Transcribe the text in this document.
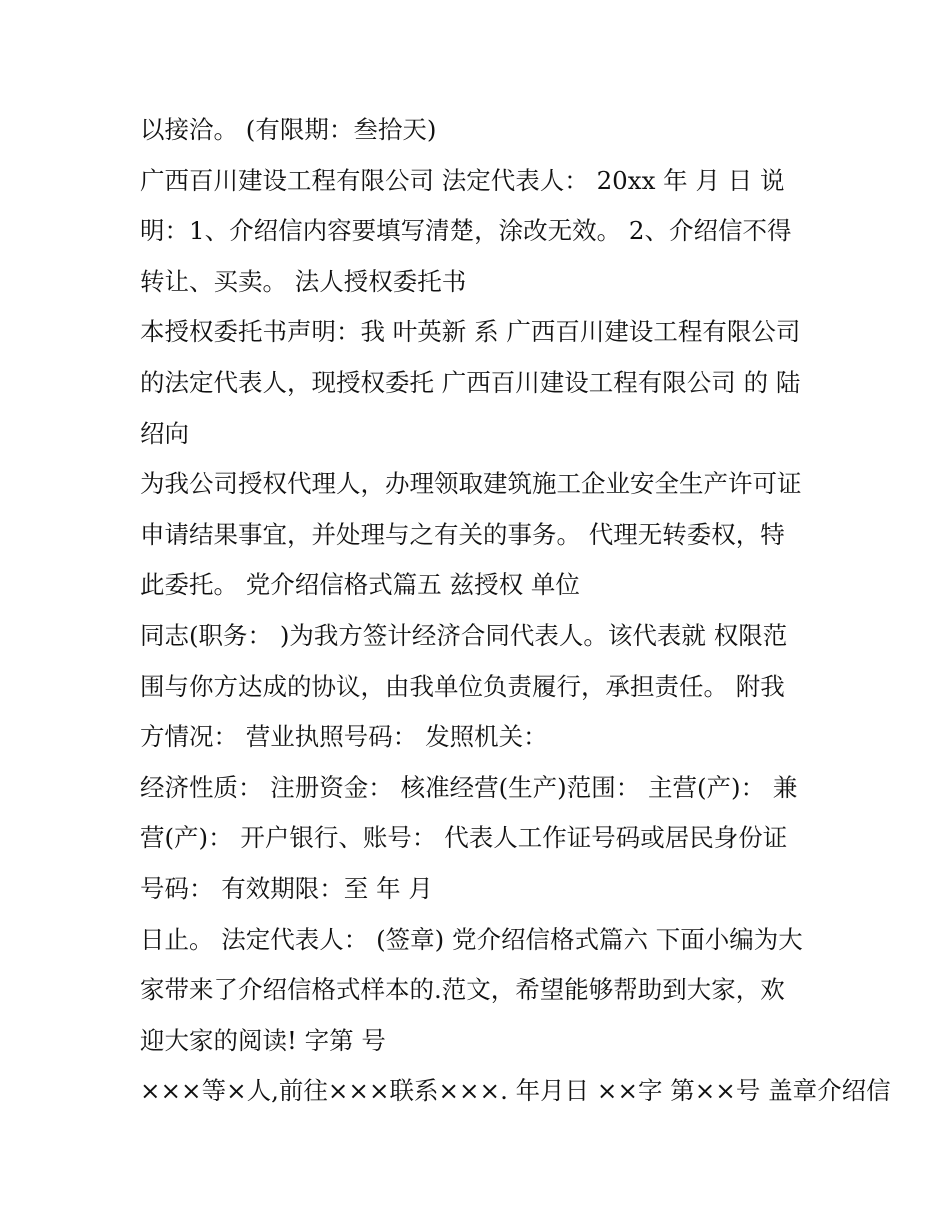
以接洽。 (有限期：叁拾天)

广西百川建设工程有限公司 法定代表人： 20xx 年 月 日 说

明：1、介绍信内容要填写清楚，涂改无效。 2、介绍信不得

转让、买卖。 法人授权委托书

本授权委托书声明：我 叶英新 系 广西百川建设工程有限公司

的法定代表人，现授权委托 广西百川建设工程有限公司 的 陆

绍向

为我公司授权代理人，办理领取建筑施工企业安全生产许可证

申请结果事宜，并处理与之有关的事务。 代理无转委权，特

此委托。 党介绍信格式篇五 兹授权 单位

同志(职务： )为我方签计经济合同代表人。该代表就 权限范

围与你方达成的协议，由我单位负责履行，承担责任。 附我

方情况： 营业执照号码： 发照机关：

经济性质： 注册资金： 核准经营(生产)范围： 主营(产)： 兼

营(产)： 开户银行、账号： 代表人工作证号码或居民身份证

号码： 有效期限：至 年 月

日止。 法定代表人： (签章) 党介绍信格式篇六 下面小编为大

家带来了介绍信格式样本的.范文，希望能够帮助到大家，欢

迎大家的阅读! 字第 号

×××等×人,前往×××联系×××. 年月日 ××字 第××号 盖章介绍信
